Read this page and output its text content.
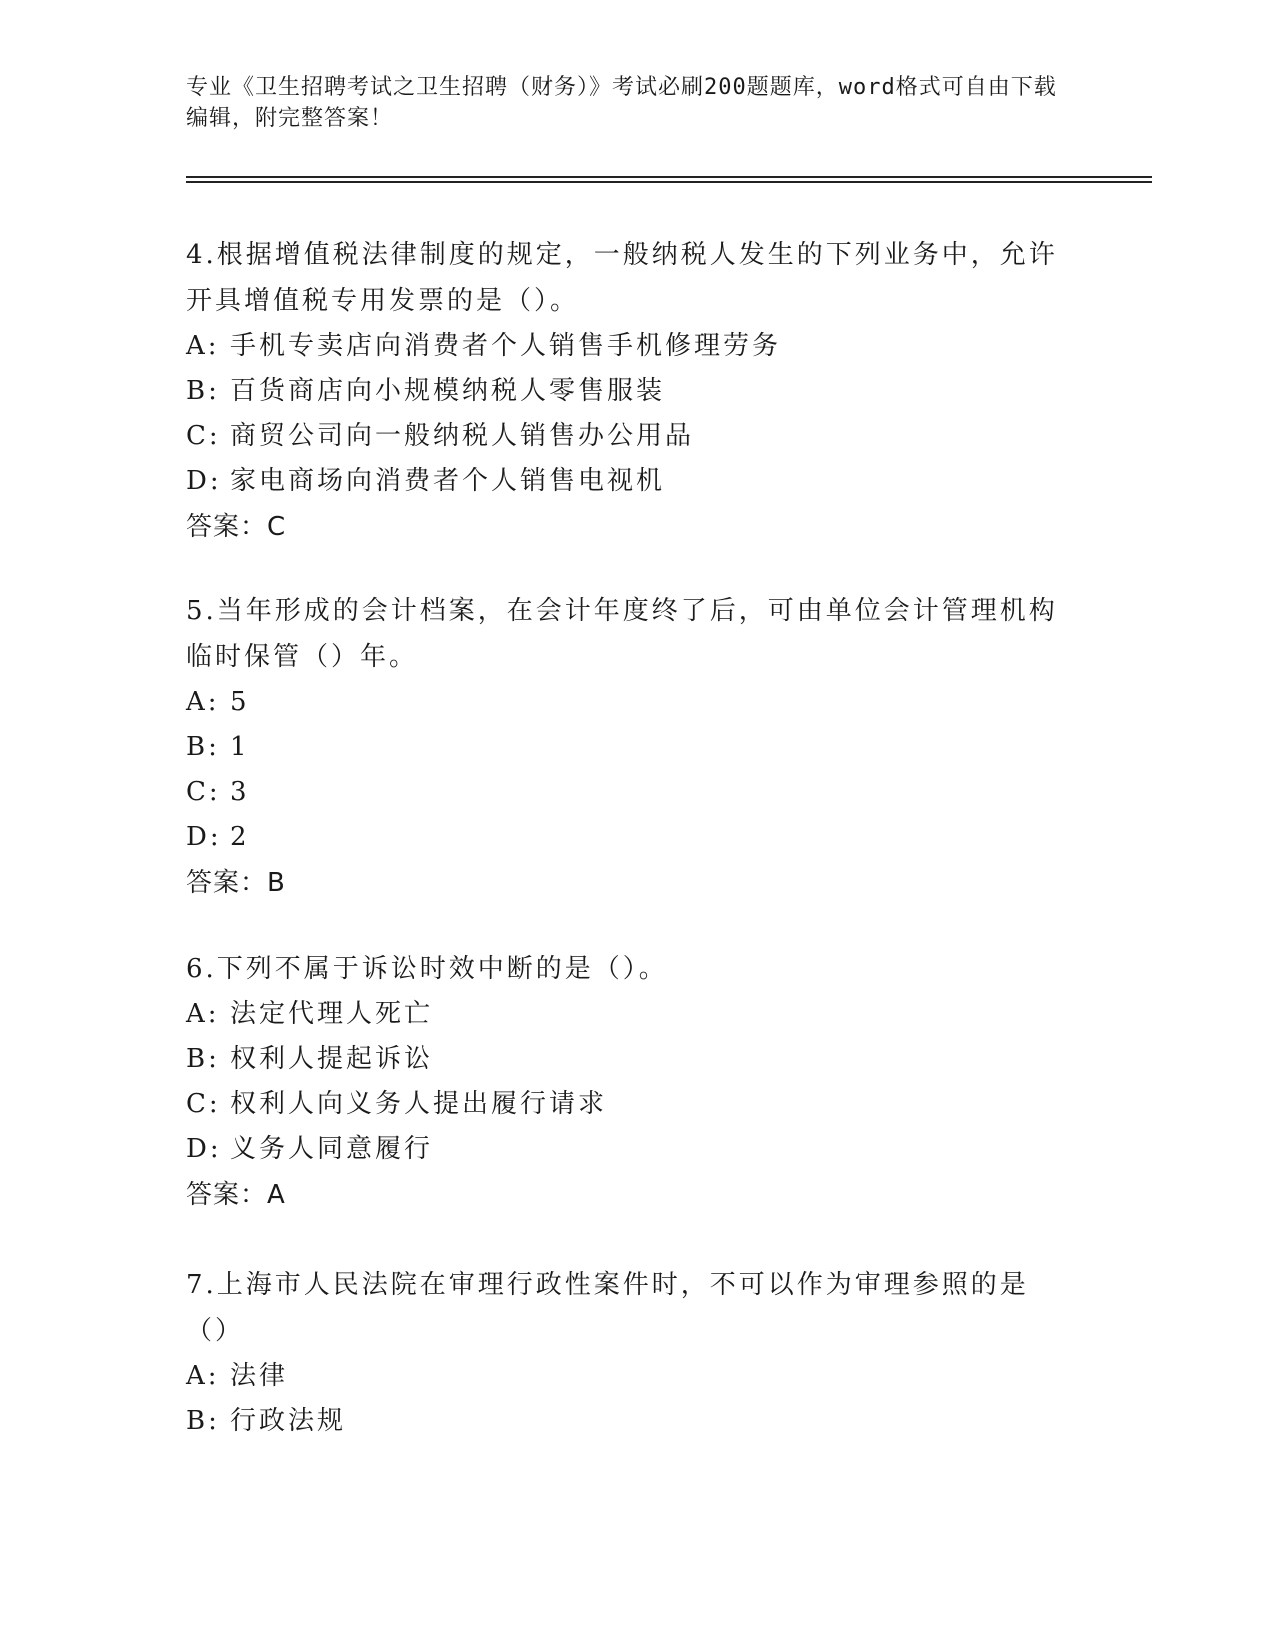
专业《卫生招聘考试之卫生招聘（财务）》考试必刷200题题库，word格式可自由下载编辑，附完整答案！

4.根据增值税法律制度的规定，一般纳税人发生的下列业务中，允许开具增值税专用发票的是（）。

A: 手机专卖店向消费者个人销售手机修理劳务
B: 百货商店向小规模纳税人零售服装
C: 商贸公司向一般纳税人销售办公用品
D: 家电商场向消费者个人销售电视机
答案：C

5.当年形成的会计档案，在会计年度终了后，可由单位会计管理机构临时保管（）年。

A: 5
B: 1
C: 3
D: 2
答案：B

6.下列不属于诉讼时效中断的是（）。

A: 法定代理人死亡
B: 权利人提起诉讼
C: 权利人向义务人提出履行请求
D: 义务人同意履行
答案：A

7.上海市人民法院在审理行政性案件时，不可以作为审理参照的是（）

A: 法律
B: 行政法规
